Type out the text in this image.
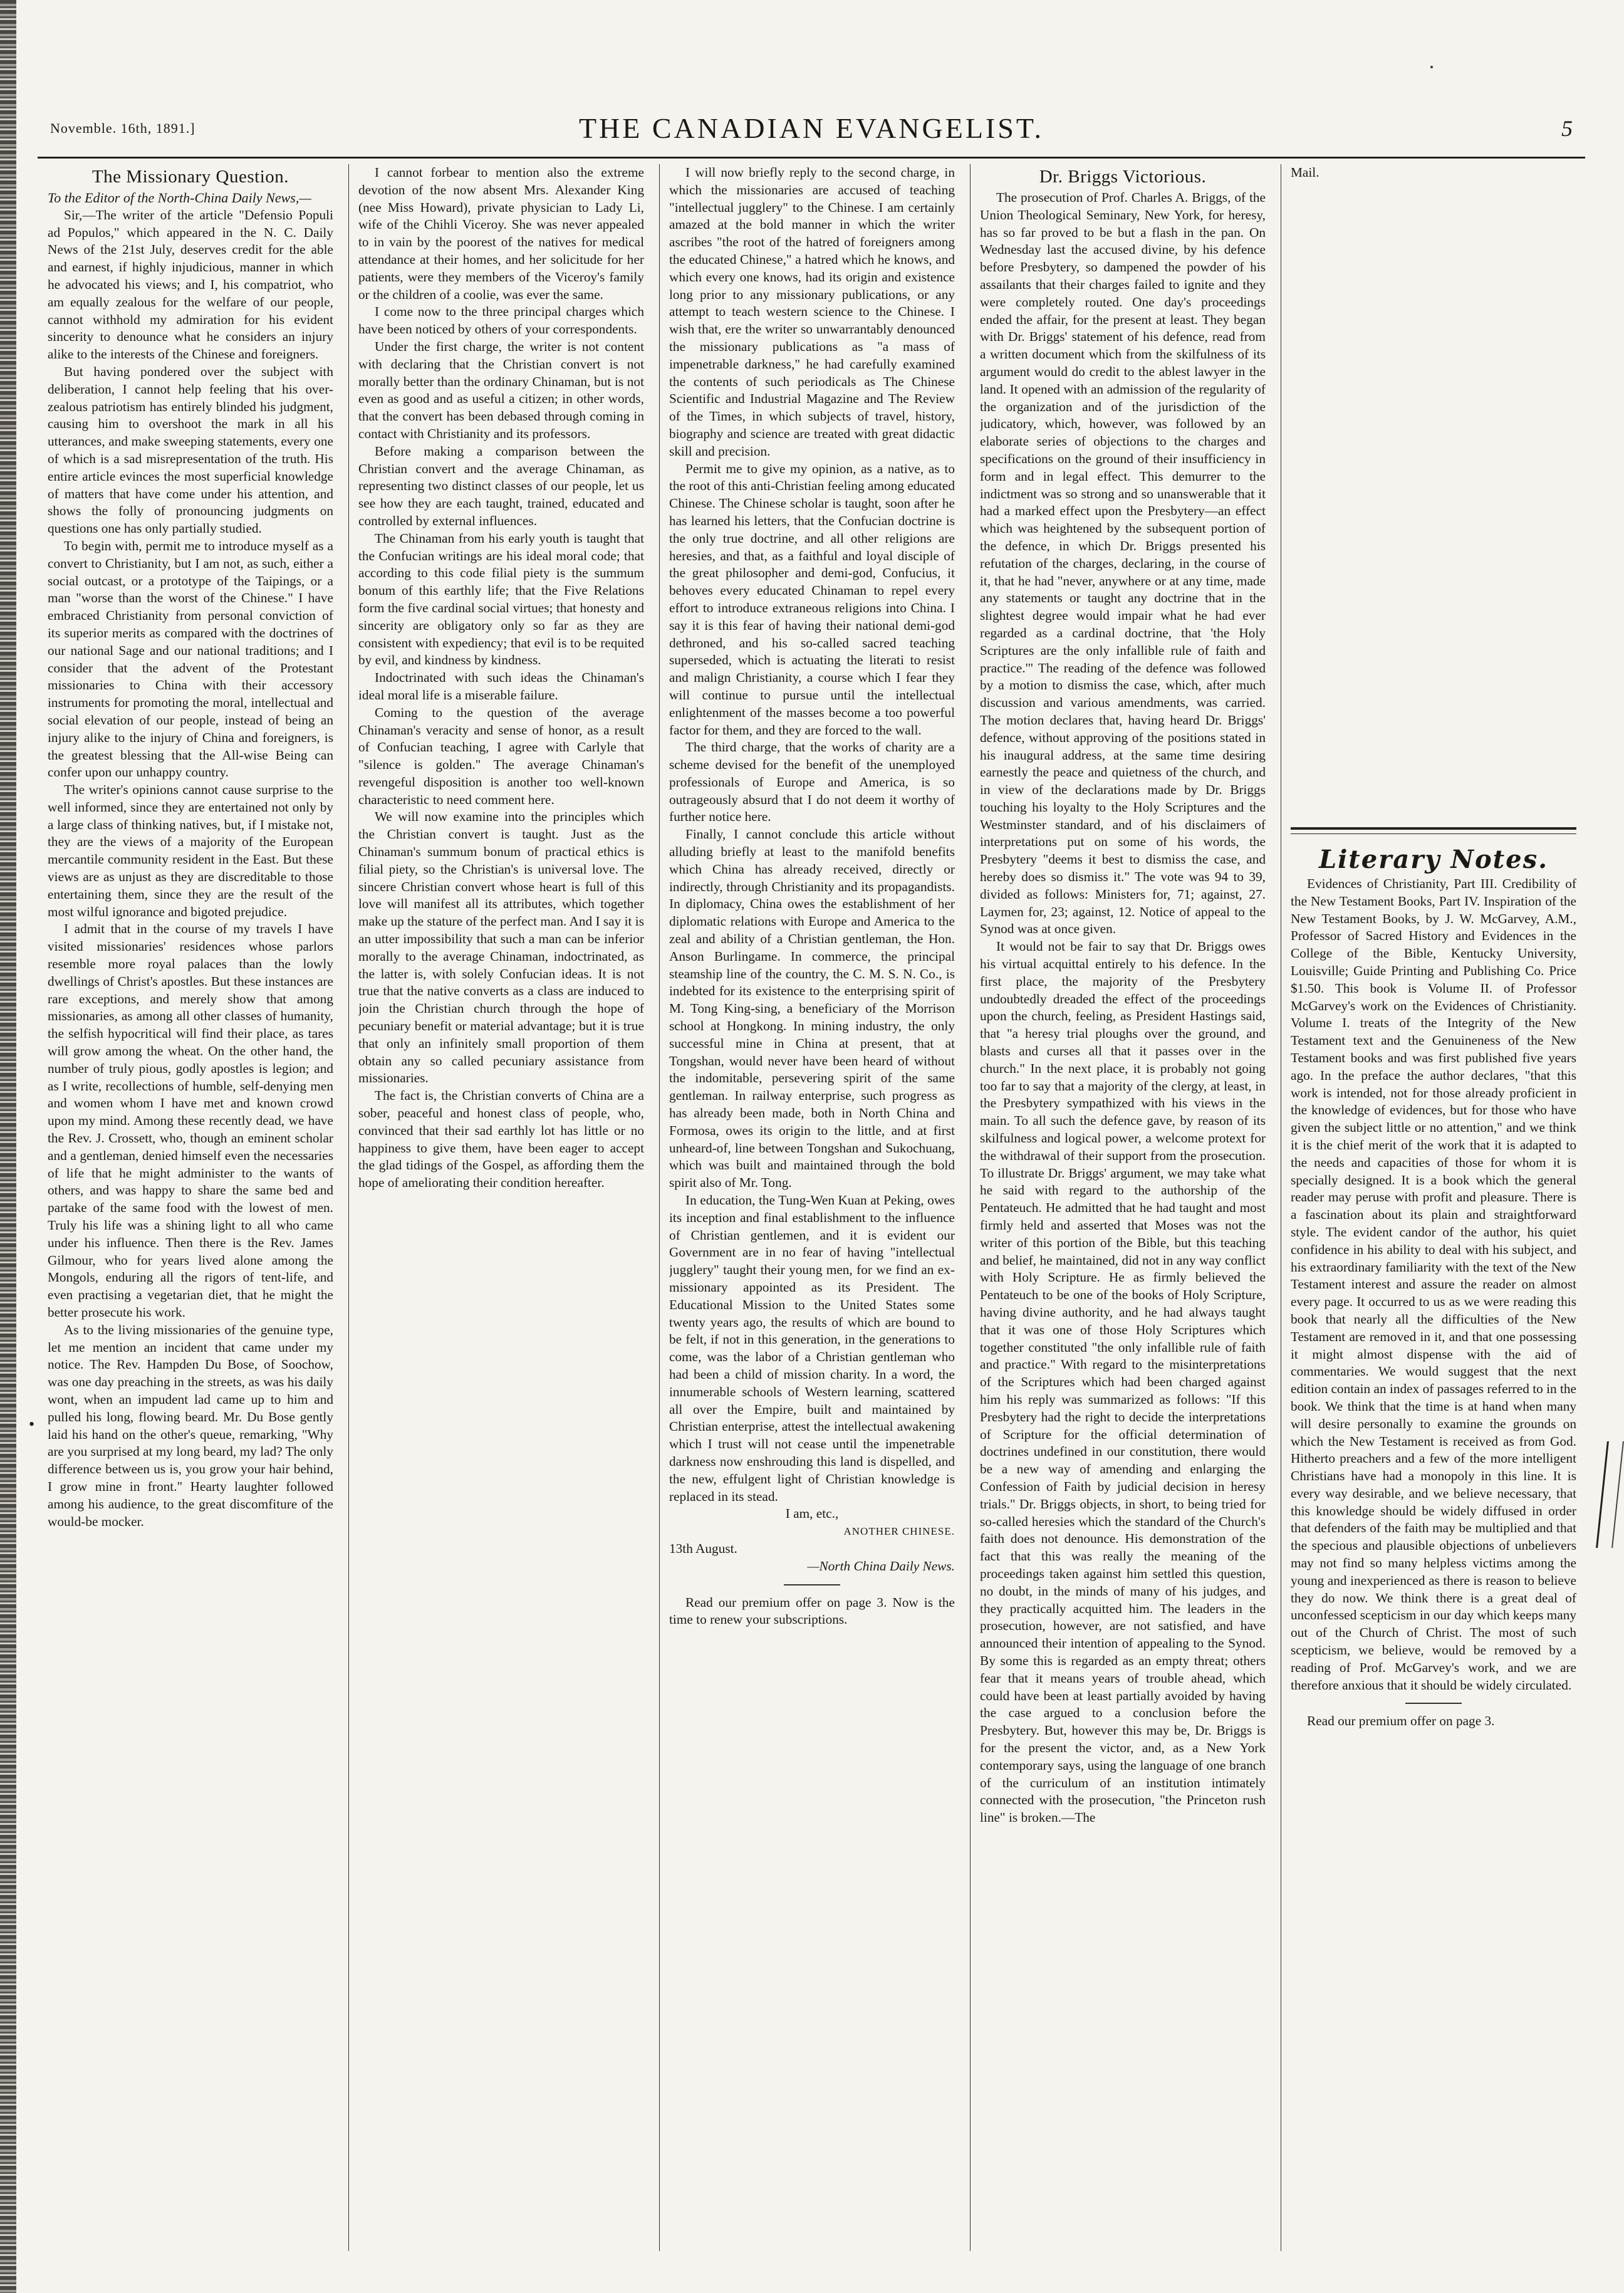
•
Novemble. 16th, 1891.]	THE CANADIAN EVANGELIST.	5

The Missionary Question.

To the Editor of the North-China Daily News,—

Sir,—The writer of the article "Defensio Populi ad Populos," which appeared in the N. C. Daily News of the 21st July, deserves credit for the able and earnest, if highly injudicious, manner in which he advocated his views; and I, his compatriot, who am equally zealous for the welfare of our people, cannot withhold my admiration for his evident sincerity to denounce what he considers an injury alike to the interests of the Chinese and foreigners.

But having pondered over the subject with deliberation, I cannot help feeling that his over-zealous patriotism has entirely blinded his judgment, causing him to overshoot the mark in all his utterances, and make sweeping statements, every one of which is a sad misrepresentation of the truth. His entire article evinces the most superficial knowledge of matters that have come under his attention, and shows the folly of pronouncing judgments on questions one has only partially studied.

To begin with, permit me to introduce myself as a convert to Christianity, but I am not, as such, either a social outcast, or a prototype of the Taipings, or a man "worse than the worst of the Chinese." I have embraced Christianity from personal conviction of its superior merits as compared with the doctrines of our national Sage and our national traditions; and I consider that the advent of the Protestant missionaries to China with their accessory instruments for promoting the moral, intellectual and social elevation of our people, instead of being an injury alike to the injury of China and foreigners, is the greatest blessing that the All-wise Being can confer upon our unhappy country.

The writer's opinions cannot cause surprise to the well informed, since they are entertained not only by a large class of thinking natives, but, if I mistake not, they are the views of a majority of the European mercantile community resident in the East. But these views are as unjust as they are discreditable to those entertaining them, since they are the result of the most wilful ignorance and bigoted prejudice.

I admit that in the course of my travels I have visited missionaries' residences whose parlors resemble more royal palaces than the lowly dwellings of Christ's apostles. But these instances are rare exceptions, and merely show that among missionaries, as among all other classes of humanity, the selfish hypocritical will find their place, as tares will grow among the wheat. On the other hand, the number of truly pious, godly apostles is legion; and as I write, recollections of humble, self-denying men and women whom I have met and known crowd upon my mind. Among these recently dead, we have the Rev. J. Crossett, who, though an eminent scholar and a gentleman, denied himself even the necessaries of life that he might administer to the wants of others, and was happy to share the same bed and partake of the same food with the lowest of men. Truly his life was a shining light to all who came under his influence. Then there is the Rev. James Gilmour, who for years lived alone among the Mongols, enduring all the rigors of tent-life, and even practising a vegetarian diet, that he might the better prosecute his work.

As to the living missionaries of the genuine type, let me mention an incident that came under my notice. The Rev. Hampden Du Bose, of Soochow, was one day preaching in the streets, as was his daily wont, when an impudent lad came up to him and pulled his long, flowing beard. Mr. Du Bose gently laid his hand on the other's queue, remarking, "Why are you surprised at my long beard, my lad? The only difference between us is, you grow your hair behind, I grow mine in front." Hearty laughter followed among his audience, to the great discomfiture of the would-be mocker.

I cannot forbear to mention also the extreme devotion of the now absent Mrs. Alexander King (nee Miss Howard), private physician to Lady Li, wife of the Chihli Viceroy. She was never appealed to in vain by the poorest of the natives for medical attendance at their homes, and her solicitude for her patients, were they members of the Viceroy's family or the children of a coolie, was ever the same.

I come now to the three principal charges which have been noticed by others of your correspondents.

Under the first charge, the writer is not content with declaring that the Christian convert is not morally better than the ordinary Chinaman, but is not even as good and as useful a citizen; in other words, that the convert has been debased through coming in contact with Christianity and its professors.

Before making a comparison between the Christian convert and the average Chinaman, as representing two distinct classes of our people, let us see how they are each taught, trained, educated and controlled by external influences.

The Chinaman from his early youth is taught that the Confucian writings are his ideal moral code; that according to this code filial piety is the summum bonum of this earthly life; that the Five Relations form the five cardinal social virtues; that honesty and sincerity are obligatory only so far as they are consistent with expediency; that evil is to be requited by evil, and kindness by kindness.

Indoctrinated with such ideas the Chinaman's ideal moral life is a miserable failure.

Coming to the question of the average Chinaman's veracity and sense of honor, as a result of Confucian teaching, I agree with Carlyle that "silence is golden." The average Chinaman's revengeful disposition is another too well-known characteristic to need comment here.

We will now examine into the principles which the Christian convert is taught. Just as the Chinaman's summum bonum of practical ethics is filial piety, so the Christian's is universal love. The sincere Christian convert whose heart is full of this love will manifest all its attributes, which together make up the stature of the perfect man. And I say it is an utter impossibility that such a man can be inferior morally to the average Chinaman, indoctrinated, as the latter is, with solely Confucian ideas. It is not true that the native converts as a class are induced to join the Christian church through the hope of pecuniary benefit or material advantage; but it is true that only an infinitely small proportion of them obtain any so called pecuniary assistance from missionaries.

The fact is, the Christian converts of China are a sober, peaceful and honest class of people, who, convinced that their sad earthly lot has little or no happiness to give them, have been eager to accept the glad tidings of the Gospel, as affording them the hope of ameliorating their condition hereafter.

I will now briefly reply to the second charge, in which the missionaries are accused of teaching "intellectual jugglery" to the Chinese. I am certainly amazed at the bold manner in which the writer ascribes "the root of the hatred of foreigners among the educated Chinese," a hatred which he knows, and which every one knows, had its origin and existence long prior to any missionary publications, or any attempt to teach western science to the Chinese. I wish that, ere the writer so unwarrantably denounced the missionary publications as "a mass of impenetrable darkness," he had carefully examined the contents of such periodicals as The Chinese Scientific and Industrial Magazine and The Review of the Times, in which subjects of travel, history, biography and science are treated with great didactic skill and precision.

Permit me to give my opinion, as a native, as to the root of this anti-Christian feeling among educated Chinese. The Chinese scholar is taught, soon after he has learned his letters, that the Confucian doctrine is the only true doctrine, and all other religions are heresies, and that, as a faithful and loyal disciple of the great philosopher and demi-god, Confucius, it behoves every educated Chinaman to repel every effort to introduce extraneous religions into China. I say it is this fear of having their national demi-god dethroned, and his so-called sacred teaching superseded, which is actuating the literati to resist and malign Christianity, a course which I fear they will continue to pursue until the intellectual enlightenment of the masses become a too powerful factor for them, and they are forced to the wall.

The third charge, that the works of charity are a scheme devised for the benefit of the unemployed professionals of Europe and America, is so outrageously absurd that I do not deem it worthy of further notice here.

Finally, I cannot conclude this article without alluding briefly at least to the manifold benefits which China has already received, directly or indirectly, through Christianity and its propagandists. In diplomacy, China owes the establishment of her diplomatic relations with Europe and America to the zeal and ability of a Christian gentleman, the Hon. Anson Burlingame. In commerce, the principal steamship line of the country, the C. M. S. N. Co., is indebted for its existence to the enterprising spirit of M. Tong King-sing, a beneficiary of the Morrison school at Hongkong. In mining industry, the only successful mine in China at present, that at Tongshan, would never have been heard of without the indomitable, persevering spirit of the same gentleman. In railway enterprise, such progress as has already been made, both in North China and Formosa, owes its origin to the little, and at first unheard-of, line between Tongshan and Sukochuang, which was built and maintained through the bold spirit also of Mr. Tong.

In education, the Tung-Wen Kuan at Peking, owes its inception and final establishment to the influence of Christian gentlemen, and it is evident our Government are in no fear of having "intellectual jugglery" taught their young men, for we find an ex-missionary appointed as its President. The Educational Mission to the United States some twenty years ago, the results of which are bound to be felt, if not in this generation, in the generations to come, was the labor of a Christian gentleman who had been a child of mission charity. In a word, the innumerable schools of Western learning, scattered all over the Empire, built and maintained by Christian enterprise, attest the intellectual awakening which I trust will not cease until the impenetrable darkness now enshrouding this land is dispelled, and the new, effulgent light of Christian knowledge is replaced in its stead.

I am, etc.,

ANOTHER CHINESE.

13th August.

—North China Daily News.

Read our premium offer on page 3. Now is the time to renew your subscriptions.

Dr. Briggs Victorious.

The prosecution of Prof. Charles A. Briggs, of the Union Theological Seminary, New York, for heresy, has so far proved to be but a flash in the pan. On Wednesday last the accused divine, by his defence before Presbytery, so dampened the powder of his assailants that their charges failed to ignite and they were completely routed. One day's proceedings ended the affair, for the present at least. They began with Dr. Briggs' statement of his defence, read from a written document which from the skilfulness of its argument would do credit to the ablest lawyer in the land. It opened with an admission of the regularity of the organization and of the jurisdiction of the judicatory, which, however, was followed by an elaborate series of objections to the charges and specifications on the ground of their insufficiency in form and in legal effect. This demurrer to the indictment was so strong and so unanswerable that it had a marked effect upon the Presbytery—an effect which was heightened by the subsequent portion of the defence, in which Dr. Briggs presented his refutation of the charges, declaring, in the course of it, that he had "never, anywhere or at any time, made any statements or taught any doctrine that in the slightest degree would impair what he had ever regarded as a cardinal doctrine, that 'the Holy Scriptures are the only infallible rule of faith and practice.'" The reading of the defence was followed by a motion to dismiss the case, which, after much discussion and various amendments, was carried. The motion declares that, having heard Dr. Briggs' defence, without approving of the positions stated in his inaugural address, at the same time desiring earnestly the peace and quietness of the church, and in view of the declarations made by Dr. Briggs touching his loyalty to the Holy Scriptures and the Westminster standard, and of his disclaimers of interpretations put on some of his words, the Presbytery "deems it best to dismiss the case, and hereby does so dismiss it." The vote was 94 to 39, divided as follows: Ministers for, 71; against, 27. Laymen for, 23; against, 12. Notice of appeal to the Synod was at once given.

It would not be fair to say that Dr. Briggs owes his virtual acquittal entirely to his defence. In the first place, the majority of the Presbytery undoubtedly dreaded the effect of the proceedings upon the church, feeling, as President Hastings said, that "a heresy trial ploughs over the ground, and blasts and curses all that it passes over in the church." In the next place, it is probably not going too far to say that a majority of the clergy, at least, in the Presbytery sympathized with his views in the main. To all such the defence gave, by reason of its skilfulness and logical power, a welcome protext for the withdrawal of their support from the prosecution. To illustrate Dr. Briggs' argument, we may take what he said with regard to the authorship of the Pentateuch. He admitted that he had taught and most firmly held and asserted that Moses was not the writer of this portion of the Bible, but this teaching and belief, he maintained, did not in any way conflict with Holy Scripture. He as firmly believed the Pentateuch to be one of the books of Holy Scripture, having divine authority, and he had always taught that it was one of those Holy Scriptures which together constituted "the only infallible rule of faith and practice." With regard to the misinterpretations of the Scriptures which had been charged against him his reply was summarized as follows: "If this Presbytery had the right to decide the interpretations of Scripture for the official determination of doctrines undefined in our constitution, there would be a new way of amending and enlarging the Confession of Faith by judicial decision in heresy trials." Dr. Briggs objects, in short, to being tried for so-called heresies which the standard of the Church's faith does not denounce. His demonstration of the fact that this was really the meaning of the proceedings taken against him settled this question, no doubt, in the minds of many of his judges, and they practically acquitted him. The leaders in the prosecution, however, are not satisfied, and have announced their intention of appealing to the Synod. By some this is regarded as an empty threat; others fear that it means years of trouble ahead, which could have been at least partially avoided by having the case argued to a conclusion before the Presbytery. But, however this may be, Dr. Briggs is for the present the victor, and, as a New York contemporary says, using the language of one branch of the curriculum of an institution intimately connected with the prosecution, "the Princeton rush line" is broken.—The

Mail.

Literary Notes.

Evidences of Christianity, Part III. Credibility of the New Testament Books, Part IV. Inspiration of the New Testament Books, by J. W. McGarvey, A.M., Professor of Sacred History and Evidences in the College of the Bible, Kentucky University, Louisville; Guide Printing and Publishing Co. Price $1.50. This book is Volume II. of Professor McGarvey's work on the Evidences of Christianity. Volume I. treats of the Integrity of the New Testament text and the Genuineness of the New Testament books and was first published five years ago. In the preface the author declares, "that this work is intended, not for those already proficient in the knowledge of evidences, but for those who have given the subject little or no attention," and we think it is the chief merit of the work that it is adapted to the needs and capacities of those for whom it is specially designed. It is a book which the general reader may peruse with profit and pleasure. There is a fascination about its plain and straightforward style. The evident candor of the author, his quiet confidence in his ability to deal with his subject, and his extraordinary familiarity with the text of the New Testament interest and assure the reader on almost every page. It occurred to us as we were reading this book that nearly all the difficulties of the New Testament are removed in it, and that one possessing it might almost dispense with the aid of commentaries. We would suggest that the next edition contain an index of passages referred to in the book. We think that the time is at hand when many will desire personally to examine the grounds on which the New Testament is received as from God. Hitherto preachers and a few of the more intelligent Christians have had a monopoly in this line. It is every way desirable, and we believe necessary, that this knowledge should be widely diffused in order that defenders of the faith may be multiplied and that the specious and plausible objections of unbelievers may not find so many helpless victims among the young and inexperienced as there is reason to believe they do now. We think there is a great deal of unconfessed scepticism in our day which keeps many out of the Church of Christ. The most of such scepticism, we believe, would be removed by a reading of Prof. McGarvey's work, and we are therefore anxious that it should be widely circulated.

Read our premium offer on page 3.
